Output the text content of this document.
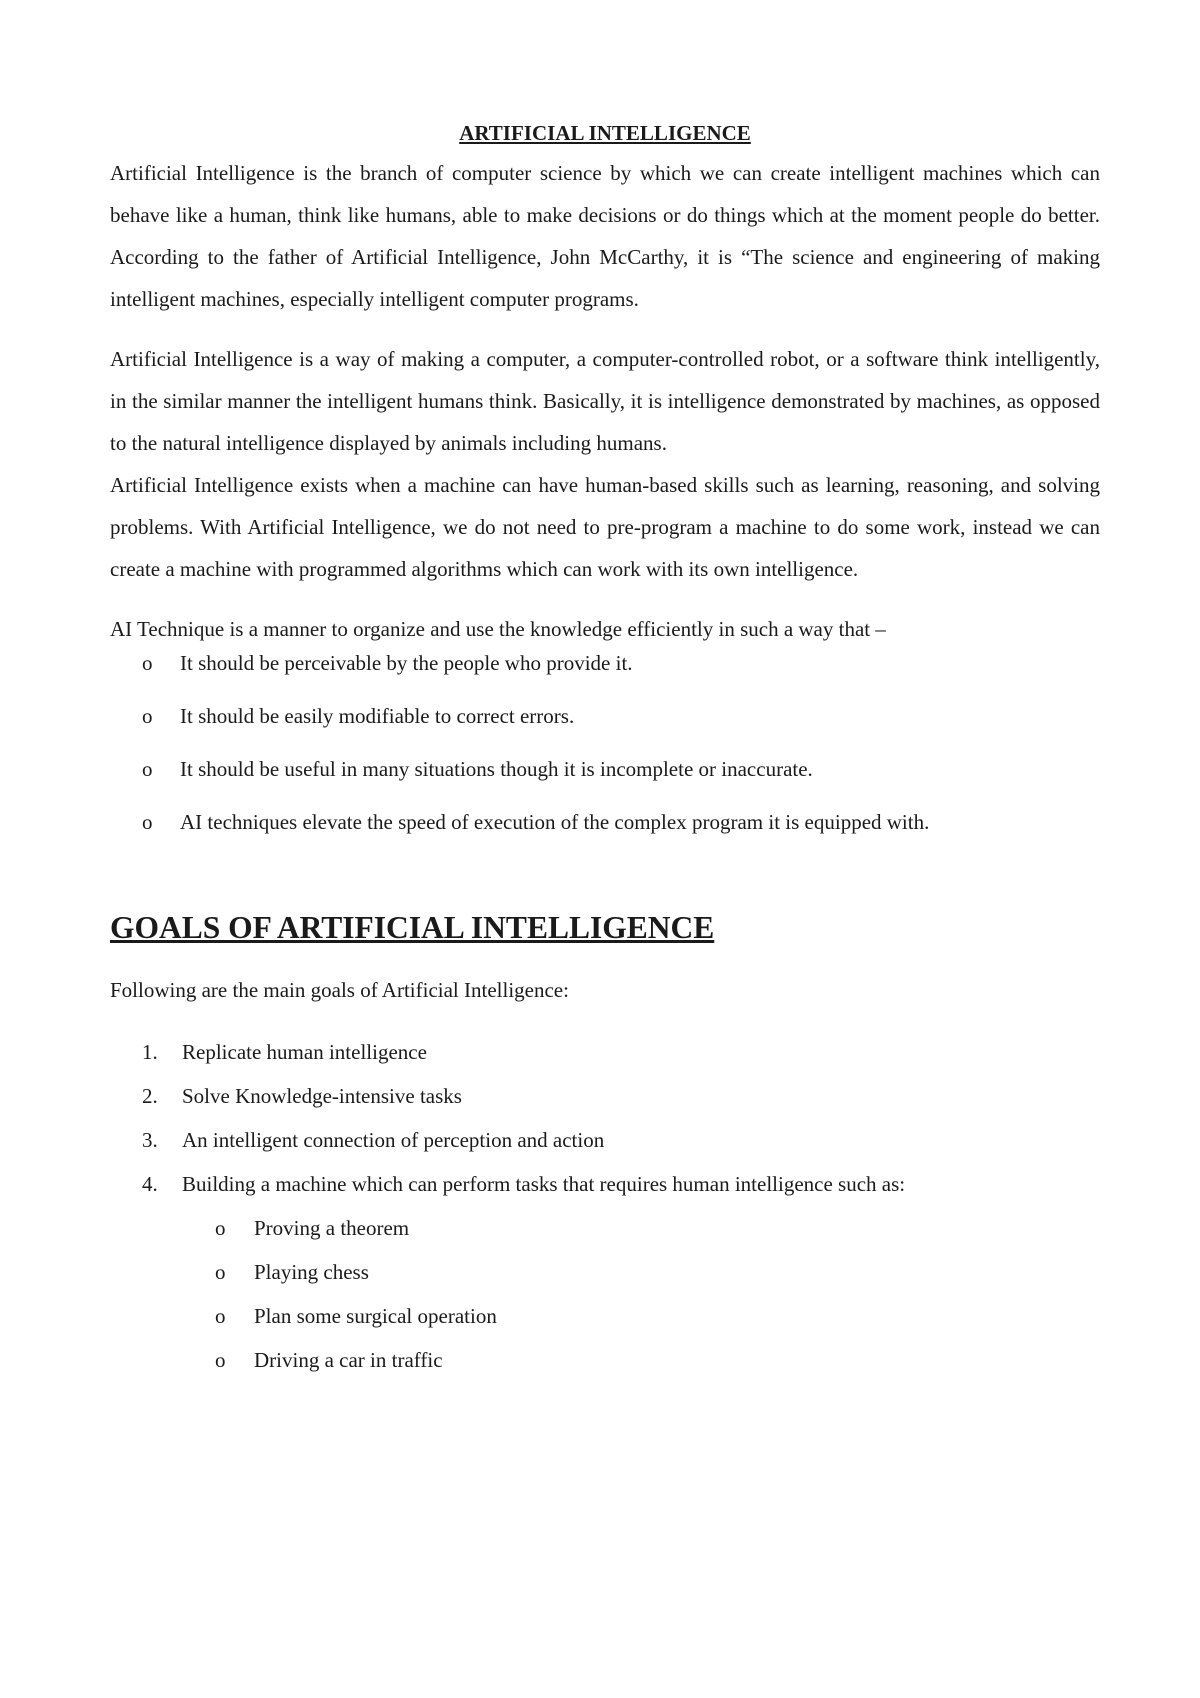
ARTIFICIAL INTELLIGENCE

Artificial Intelligence is the branch of computer science by which we can create intelligent machines which can behave like a human, think like humans, able to make decisions or do things which at the moment people do better. According to the father of Artificial Intelligence, John McCarthy, it is “The science and engineering of making intelligent machines, especially intelligent computer programs.

Artificial Intelligence is a way of making a computer, a computer-controlled robot, or a software think intelligently, in the similar manner the intelligent humans think. Basically, it is intelligence demonstrated by machines, as opposed to the natural intelligence displayed by animals including humans.

Artificial Intelligence exists when a machine can have human-based skills such as learning, reasoning, and solving problems. With Artificial Intelligence, we do not need to pre-program a machine to do some work, instead we can create a machine with programmed algorithms which can work with its own intelligence.

AI Technique is a manner to organize and use the knowledge efficiently in such a way that –

o It should be perceivable by the people who provide it.
o It should be easily modifiable to correct errors.
o It should be useful in many situations though it is incomplete or inaccurate.
o AI techniques elevate the speed of execution of the complex program it is equipped with.
GOALS OF ARTIFICIAL INTELLIGENCE

Following are the main goals of Artificial Intelligence:

1. Replicate human intelligence
2. Solve Knowledge-intensive tasks
3. An intelligent connection of perception and action
4. Building a machine which can perform tasks that requires human intelligence such as:
o Proving a theorem
o Playing chess
o Plan some surgical operation
o Driving a car in traffic
